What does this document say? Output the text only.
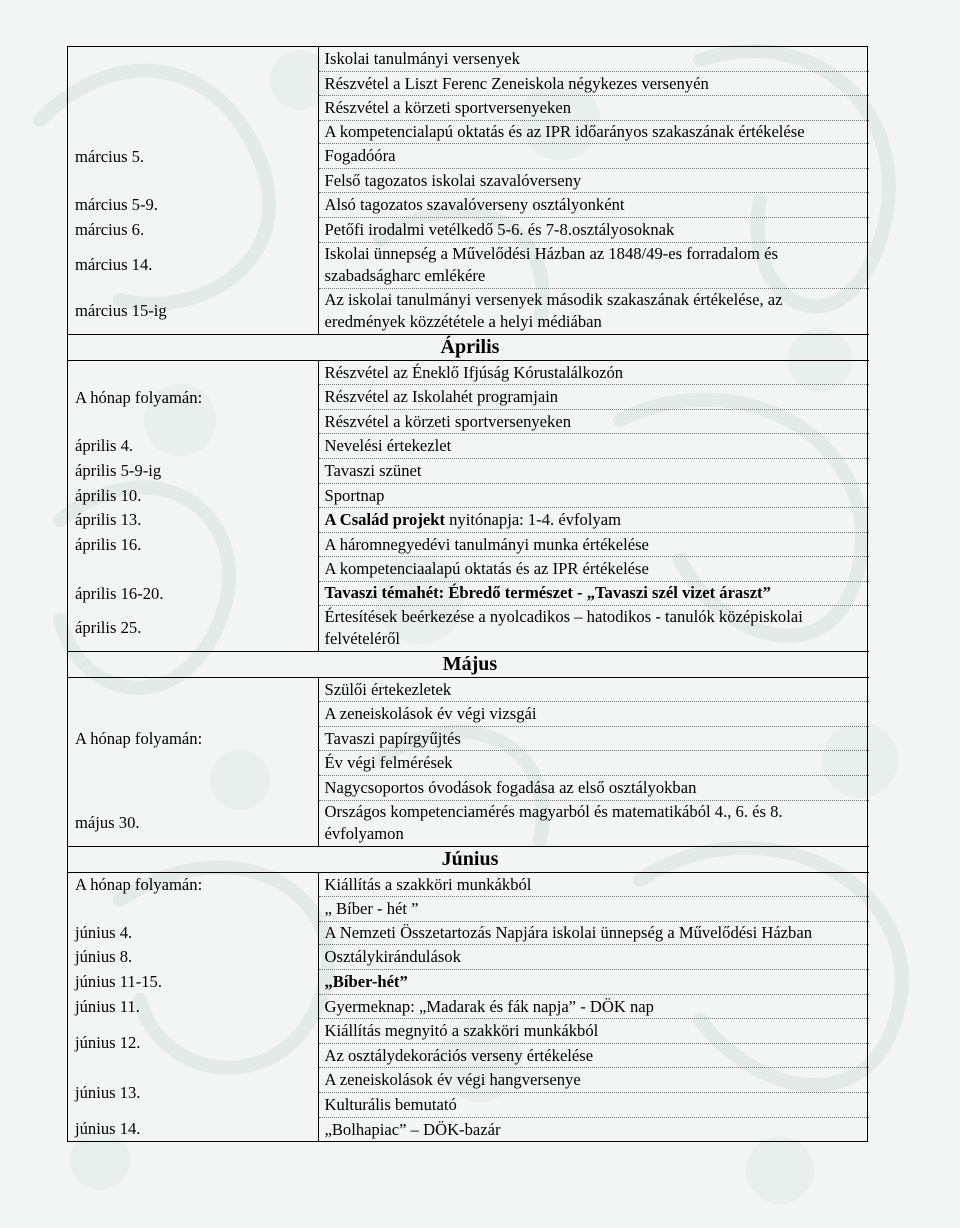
	Iskolai tanulmányi versenyek
	Részvétel a Liszt Ferenc Zeneiskola négykezes versenyén
	Részvétel a körzeti sportversenyeken
március 5.	A kompetencialapú oktatás és az IPR időarányos szakaszának értékelése
	Fogadóóra
	Felső tagozatos iskolai szavalóverseny
március 5-9.	Alsó tagozatos szavalóverseny osztályonként
március 6.	Petőfi irodalmi vetélkedő 5-6. és 7-8.osztályosoknak
március 14.	Iskolai ünnepség a Művelődési Házban az 1848/49-es forradalom és szabadságharc emlékére
március 15-ig	Az iskolai tanulmányi versenyek második szakaszának értékelése, az eredmények közzététele a helyi médiában
Április	
A hónap folyamán:	Részvétel az Éneklő Ifjúság Kórustalálkozón
	Részvétel az Iskolahét programjain
	Részvétel a körzeti sportversenyeken
április 4.	Nevelési értekezlet
április 5-9-ig	Tavaszi szünet
április 10.	Sportnap
április 13.	A Család projekt nyitónapja: 1-4. évfolyam
április 16.	A háromnegyedévi tanulmányi munka értékelése
	A kompetenciaalapú oktatás és az IPR értékelése
április 16-20.	Tavaszi témahét: Ébredő természet - „Tavaszi szél vizet áraszt”
április 25.	Értesítések beérkezése a nyolcadikos – hatodikos - tanulók középiskolai felvételéről
Május	
A hónap folyamán:	Szülői értekezletek
	A zeneiskolások év végi vizsgái
	Tavaszi papírgyűjtés
	Év végi felmérések
	Nagycsoportos óvodások fogadása az első osztályokban
május 30.	Országos kompetenciamérés magyarból és matematikából 4., 6. és 8. évfolyamon
Június	
A hónap folyamán:	Kiállítás a szakköri munkákból
	„ Bíber - hét ”
június 4.	A Nemzeti Összetartozás Napjára iskolai ünnepség a Művelődési Házban
június 8.	Osztálykirándulások
június 11-15.	„Bíber-hét”
június 11.	Gyermeknap: „Madarak és fák napja” - DÖK nap
június 12.	Kiállítás megnyitó a szakköri munkákból
	Az osztálydekorációs verseny értékelése
június 13.	A zeneiskolások év végi hangversenye
	Kulturális bemutató
június 14.	„Bolhapiac” – DÖK-bazár
